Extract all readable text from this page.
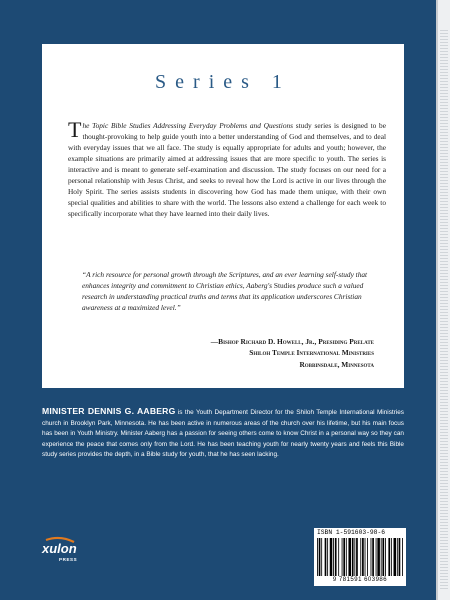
Series 1

The Topic Bible Studies Addressing Everyday Problems and Questions study series is designed to be thought-provoking to help guide youth into a better understanding of God and themselves, and to deal with everyday issues that we all face. The study is equally appropriate for adults and youth; however, the example situations are primarily aimed at addressing issues that are more specific to youth. The series is interactive and is meant to generate self-examination and discussion. The study focuses on our need for a personal relationship with Jesus Christ, and seeks to reveal how the Lord is active in our lives through the Holy Spirit. The series assists students in discovering how God has made them unique, with their own special qualities and abilities to share with the world. The lessons also extend a challenge for each week to specifically incorporate what they have learned into their daily lives.

“A rich resource for personal growth through the Scriptures, and an ever learning self-study that enhances integrity and commitment to Christian ethics, Aaberg's Studies produce such a valued research in understanding practical truths and terms that its application underscores Christian awareness at a maximized level.”

—Bishop Richard D. Howell, Jr., Presiding Prelate
Shiloh Temple International Ministries
Robbinsdale, Minnesota

MINISTER DENNIS G. AABERG is the Youth Department Director for the Shiloh Temple International Ministries church in Brooklyn Park, Minnesota. He has been active in numerous areas of the church over his lifetime, but his main focus has been in Youth Ministry. Minister Aaberg has a passion for seeing others come to know Christ in a personal way so they can experience the peace that comes only from the Lord. He has been teaching youth for nearly twenty years and feels this Bible study series provides the depth, in a Bible study for youth, that he has seen lacking.

xulon
PRESS
ISBN 1-591603-98-6
9 781591 603986
